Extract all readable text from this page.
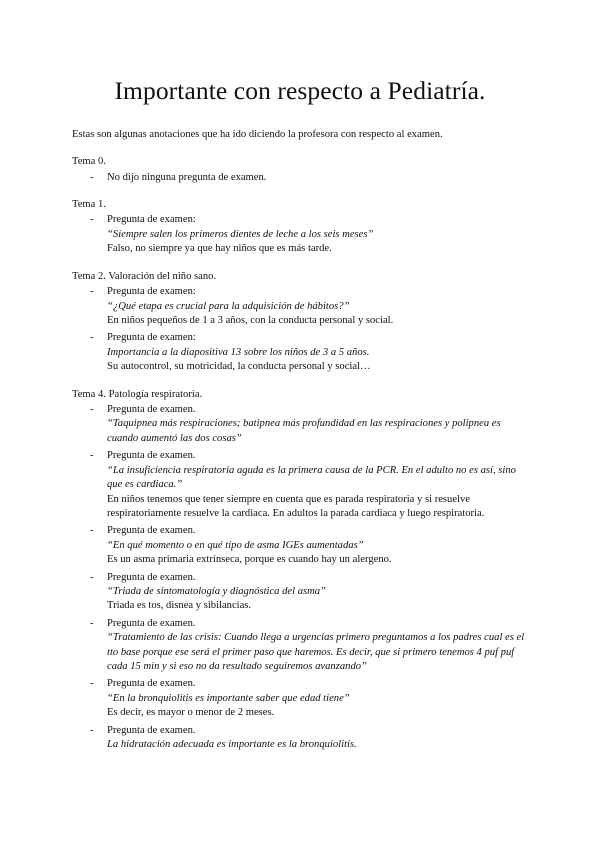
Importante con respecto a Pediatría.

Estas son algunas anotaciones que ha ido diciendo la profesora con respecto al examen.

Tema 0.

- No dijo ninguna pregunta de examen.

Tema 1.

- Pregunta de examen:
“Siempre salen los primeros dientes de leche a los seis meses”
Falso, no siempre ya que hay niños que es más tarde.

Tema 2. Valoración del niño sano.

- Pregunta de examen:
“¿Qué etapa es crucial para la adquisición de hábitos?”
En niños pequeños de 1 a 3 años, con la conducta personal y social.
- Pregunta de examen:
Importancia a la diapositiva 13 sobre los niños de 3 a 5 años.
Su autocontrol, su motricidad, la conducta personal y social…

Tema 4. Patología respiratoria.

- Pregunta de examen.
“Taquipnea más respiraciones; batipnea más profundidad en las respiraciones y polipnea es cuando aumentó las dos cosas”
- Pregunta de examen.
“La insuficiencia respiratoria aguda es la primera causa de la PCR. En el adulto no es así, sino que es cardiaca.”
En niños tenemos que tener siempre en cuenta que es parada respiratoria y si resuelve respiratoriamente resuelve la cardiaca. En adultos la parada cardiaca y luego respiratoria.
- Pregunta de examen.
“En qué momento o en qué tipo de asma IGEs aumentadas”
Es un asma primaria extrínseca, porque es cuando hay un alergeno.
- Pregunta de examen.
“Triada de sintomatología y diagnóstica del asma”
Triada es tos, disnea y sibilancias.
- Pregunta de examen.
“Tratamiento de las crisis: Cuando llega a urgencias primero preguntamos a los padres cual es el tto base porque ese será el primer paso que haremos. Es decir, que si primero tenemos 4 puf puf cada 15 min y si eso no da resultado seguiremos avanzando”
- Pregunta de examen.
“En la bronquiolitis es importante saber que edad tiene”
Es decir, es mayor o menor de 2 meses.
- Pregunta de examen.
La hidratación adecuada es importante es la bronquiolitis.
